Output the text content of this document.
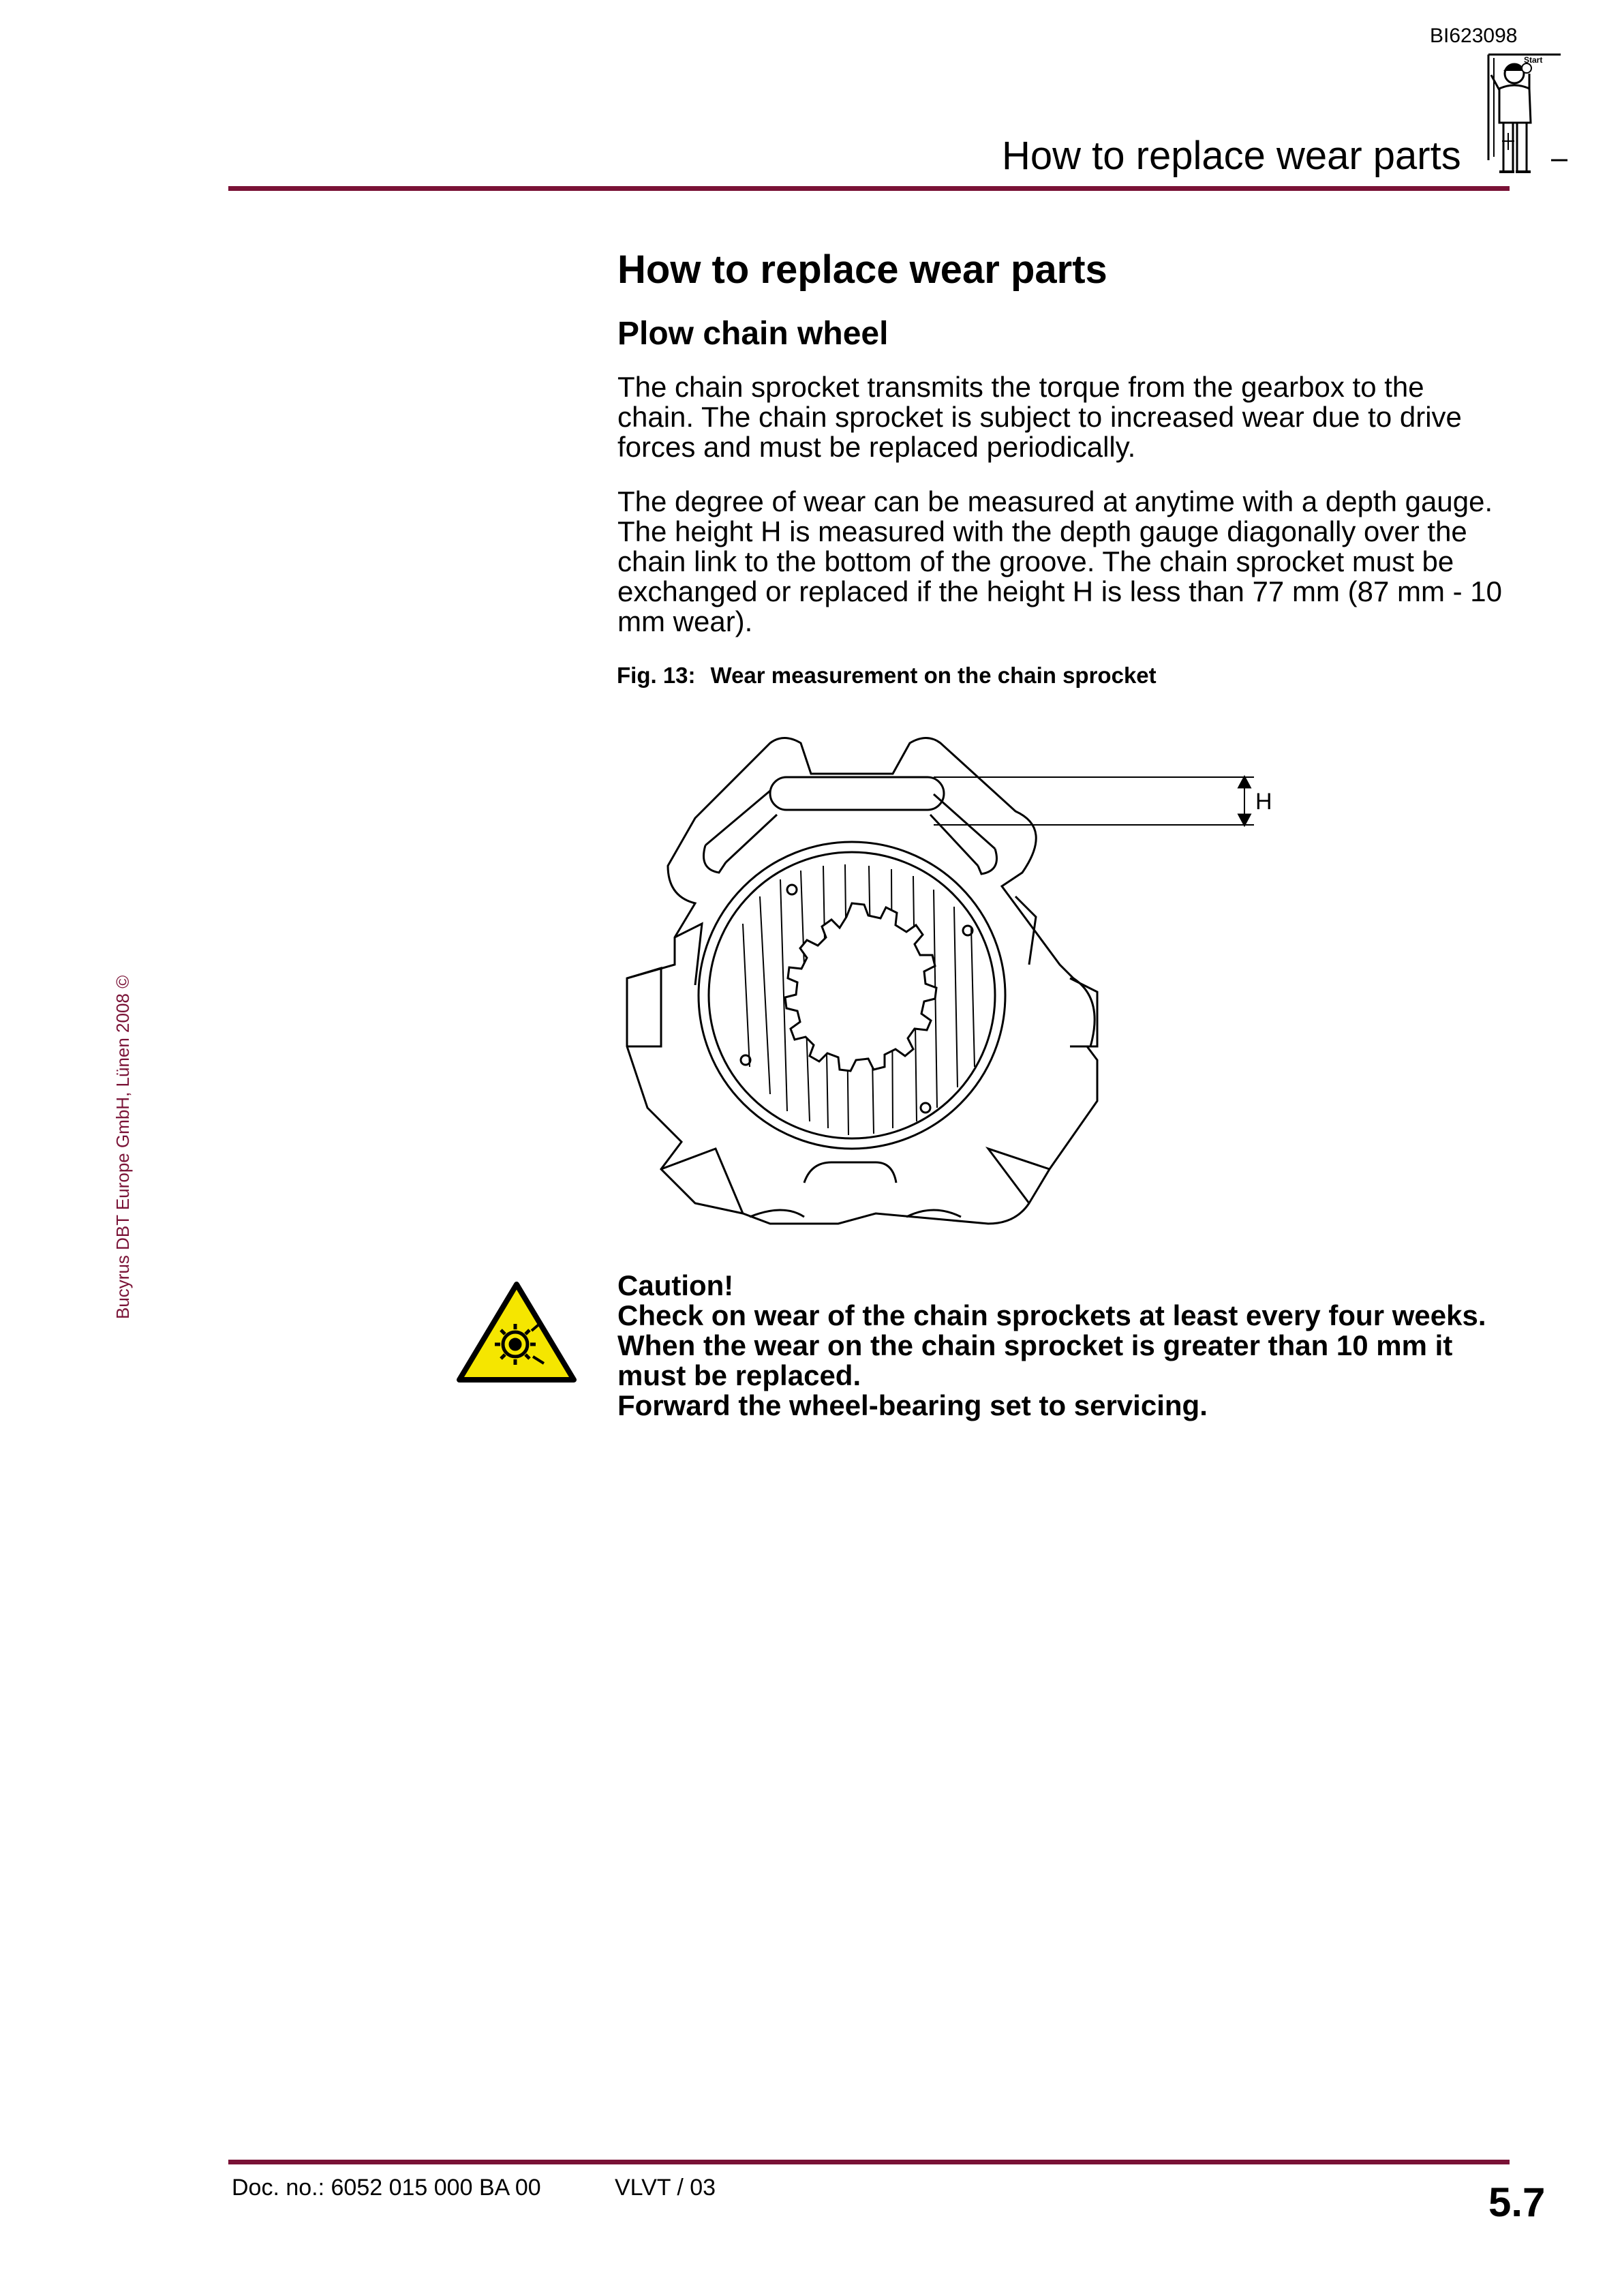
BI623098
Start
How to replace wear parts
Bucyrus DBT Europe GmbH, Lünen 2008 ©
How to replace wear parts
Plow chain wheel

The chain sprocket transmits the torque from the gearbox to the chain. The chain sprocket is subject to increased wear due to drive forces and must be replaced periodically.

The degree of wear can be measured at anytime with a depth gauge. The height H is measured with the depth gauge diagonally over the chain link to the bottom of the groove. The chain sprocket must be exchanged or replaced if the height H is less than 77 mm (87 mm - 10 mm wear).

Fig. 13: Wear measurement on the chain sprocket
H
Caution!
Check on wear of the chain sprockets at least every four weeks.
When the wear on the chain sprocket is greater than 10 mm it must be replaced.
Forward the wheel-bearing set to servicing.
Doc. no.: 6052 015 000 BA 00	VLVT / 03	5.7
